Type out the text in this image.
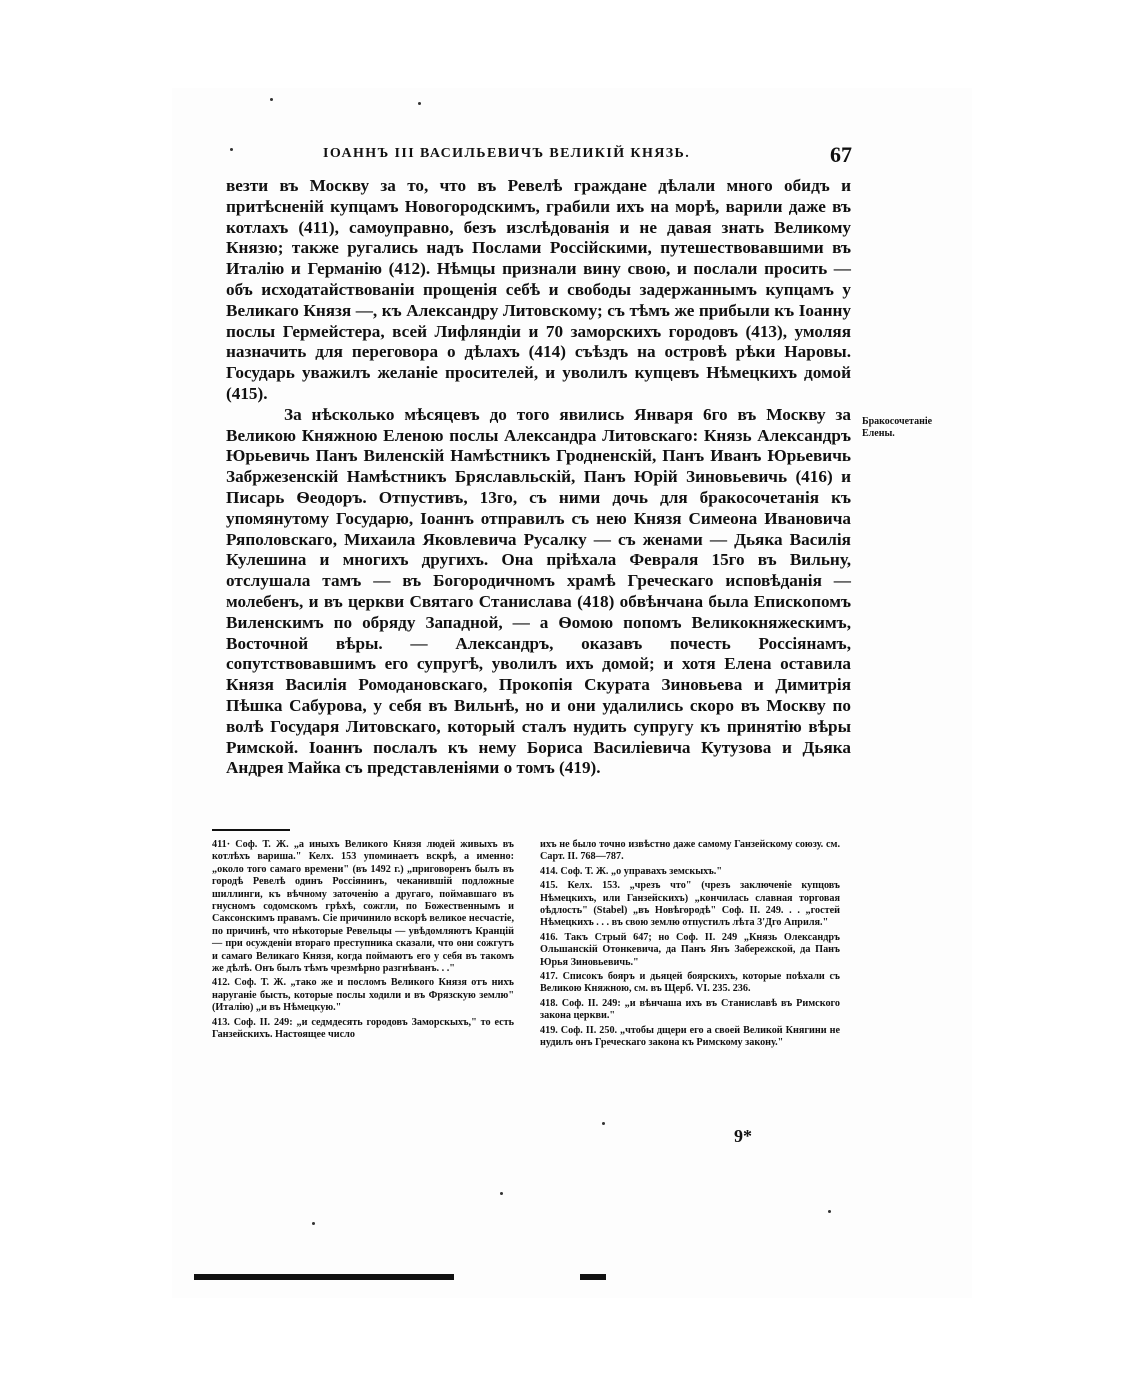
ІОАННЪ III ВАСИЛЬЕВИЧЪ ВЕЛИКІЙ КНЯЗЬ.	67

везти въ Москву за то, что въ Ревелѣ граждане дѣлали много обидъ и притѣсненій купцамъ Новогородскимъ, грабили ихъ на морѣ, варили даже въ котлахъ (411), самоуправно, безъ изслѣдованія и не давая знать Великому Князю; также ругались надъ Послами Россійскими, путешествовавшими въ Италію и Германію (412). Нѣмцы признали вину свою, и послали просить — объ исходатайствованіи прощенія себѣ и свободы задержаннымъ купцамъ у Великаго Князя —, къ Александру Литовскому; съ тѣмъ же прибыли къ Іоанну послы Гермейстера, всей Лифляндіи и 70 заморскихъ городовъ (413), умоляя назначить для переговора о дѣлахъ (414) съѣздъ на островѣ рѣки Наровы. Государь уважилъ желаніе просителей, и уволилъ купцевъ Нѣмецкихъ домой (415).

За нѣсколько мѣсяцевъ до того явились Января 6го въ Москву за Великою Княжною Еленою послы Александра Литовскаго: Князь Александръ Юрьевичь Панъ Виленскій Намѣстникъ Гродненскій, Панъ Иванъ Юрьевичь Забржезенскій Намѣстникъ Бряславльскій, Панъ Юрій Зиновьевичь (416) и Писарь Ѳеодоръ. Отпустивъ, 13го, съ ними дочь для бракосочетанія къ упомянутому Государю, Іоаннъ отправилъ съ нею Князя Симеона Ивановича Ряполовскаго, Михаила Яковлевича Русалку — съ женами — Дьяка Василія Кулешина и многихъ другихъ. Она пріѣхала Февраля 15го въ Вильну, отслушала тамъ — въ Богородичномъ храмѣ Греческаго исповѣданія — молебенъ, и въ церкви Святаго Станислава (418) обвѣнчана была Епископомъ Виленскимъ по обряду Западной, — а Ѳомою попомъ Великокняжескимъ, Восточной вѣры. — Александръ, оказавъ почесть Россіянамъ, сопутствовавшимъ его супругѣ, уволилъ ихъ домой; и хотя Елена оставила Князя Василія Ромодановскаго, Прокопія Скурата Зиновьева и Димитрія Пѣшка Сабурова, у себя въ Вильнѣ, но и они удалились скоро въ Москву по волѣ Государя Литовскаго, который сталъ нудить супругу къ принятію вѣры Римской. Іоаннъ послалъ къ нему Бориса Василіевича Кутузова и Дьяка Андрея Майка съ представленіями о томъ (419).

Бракосочетаніе Елены.

411· Соф. Т. Ж. „а иныхъ Великого Князя людей живыхъ въ котлѣхъ варишa." Келх. 153 упоминаетъ вскрѣ, а именно: „около того самаго времени" (въ 1492 г.) „приговоренъ былъ въ городѣ Ревелѣ одинъ Россіянинъ, чеканившій подложные шиллинги, къ вѣчному заточенію а другаго, поймавшаго въ гнусномъ содомскомъ грѣхѣ, сожгли, по Божественнымъ и Саксонскимъ правамъ. Сіе причинило вскорѣ великое несчастіе, по причинѣ, что нѣкоторые Ревельцы — увѣдомляютъ Кранцій — при осужденіи вторaго преступника сказали, что они сожгутъ и самаго Великаго Князя, когда поймаютъ его у себя въ такомъ же дѣлѣ. Онъ былъ тѣмъ чрезмѣрно разгнѣванъ. . ."

412. Соф. Т. Ж. „тако же и посломъ Великого Князя отъ нихъ наруганіе бысть, которые послы ходили и въ Фрязскую землю" (Италію) „и въ Нѣмецкую."

413. Соф. II. 249: „и седмдесять городовъ Заморскыхъ," то есть Ганзейскихъ. Настоящее число

ихъ не было точно извѣстно даже самому Ганзейскому союзу. см. Сарт. II. 768—787.

414. Соф. Т. Ж. „о управахъ земскыхъ."

415. Келх. 153. „чрезъ что" (чрезъ заключеніе купцовъ Нѣмецкихъ, или Ганзейскихъ) „кончилась славная торговая оѣдлость" (Stabel) „въ Новѣгородѣ" Соф. II. 249. . . „гостей Нѣмецкихъ . . . въ свою землю отпустилъ лѣта 3'Дго Априля."

416. Такъ Стрый 647; но Соф. II. 249 „Князь Олександръ Ольшанскій Отонкевича, да Панъ Янъ Забережской, да Панъ Юрья Зиновьевичь."

417. Списокъ бояръ и дьяцей боярскихъ, которые поѣхали съ Великою Княжною, см. въ Щерб. VI. 235. 236.

418. Соф. II. 249: „и вѣнчаша ихъ въ Станиславѣ въ Римского закона церкви."

419. Соф. II. 250. „чтобы дщери его а своей Великой Княгини не нудилъ онъ Греческаго закона къ Римскому закону."

9*
